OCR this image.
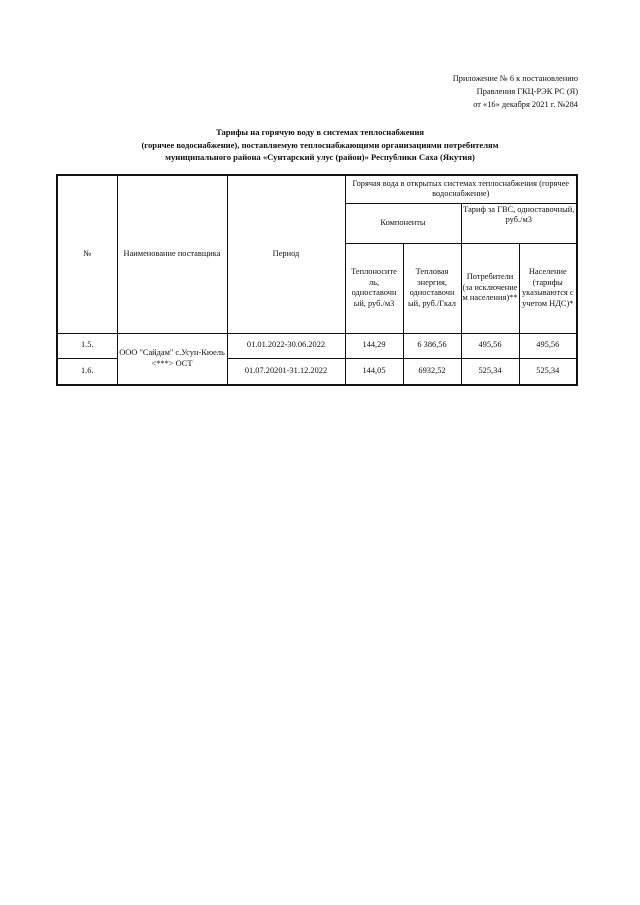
Приложение № 6 к постановлению
Правления ГКЦ-РЭК РС (Я)
от «16» декабря 2021 г. №284
Тарифы на горячую воду в системах теплоснабжения
(горячее водоснабжение), поставляемую теплоснабжающими организациями потребителям
муниципального района «Сунтарский улус (район)» Республики Саха (Якутия)
№	Наименование поставщика	Период	Горячая вода в открытых системах теплоснабжения (горячее водоснабжение)			
			Компоненты		Тариф за ГВС, одноставочный, руб./м3	
			Теплоносите ль, одноставочн ый, руб./м3	Тепловая энергия, одноставочн ый, руб./Гкал	Потребители (за исключение м населения)**	Население (тарифы указываются с учетом НДС)*
1.5.	ООО "Сайдам" с.Усун-Кюель <***> ОСТ	01.01.2022-30.06.2022	144,29	6 386,56	495,56	495,56
1.6.		01.07.20201-31.12.2022	144,05	6932,52	525,34	525,34
